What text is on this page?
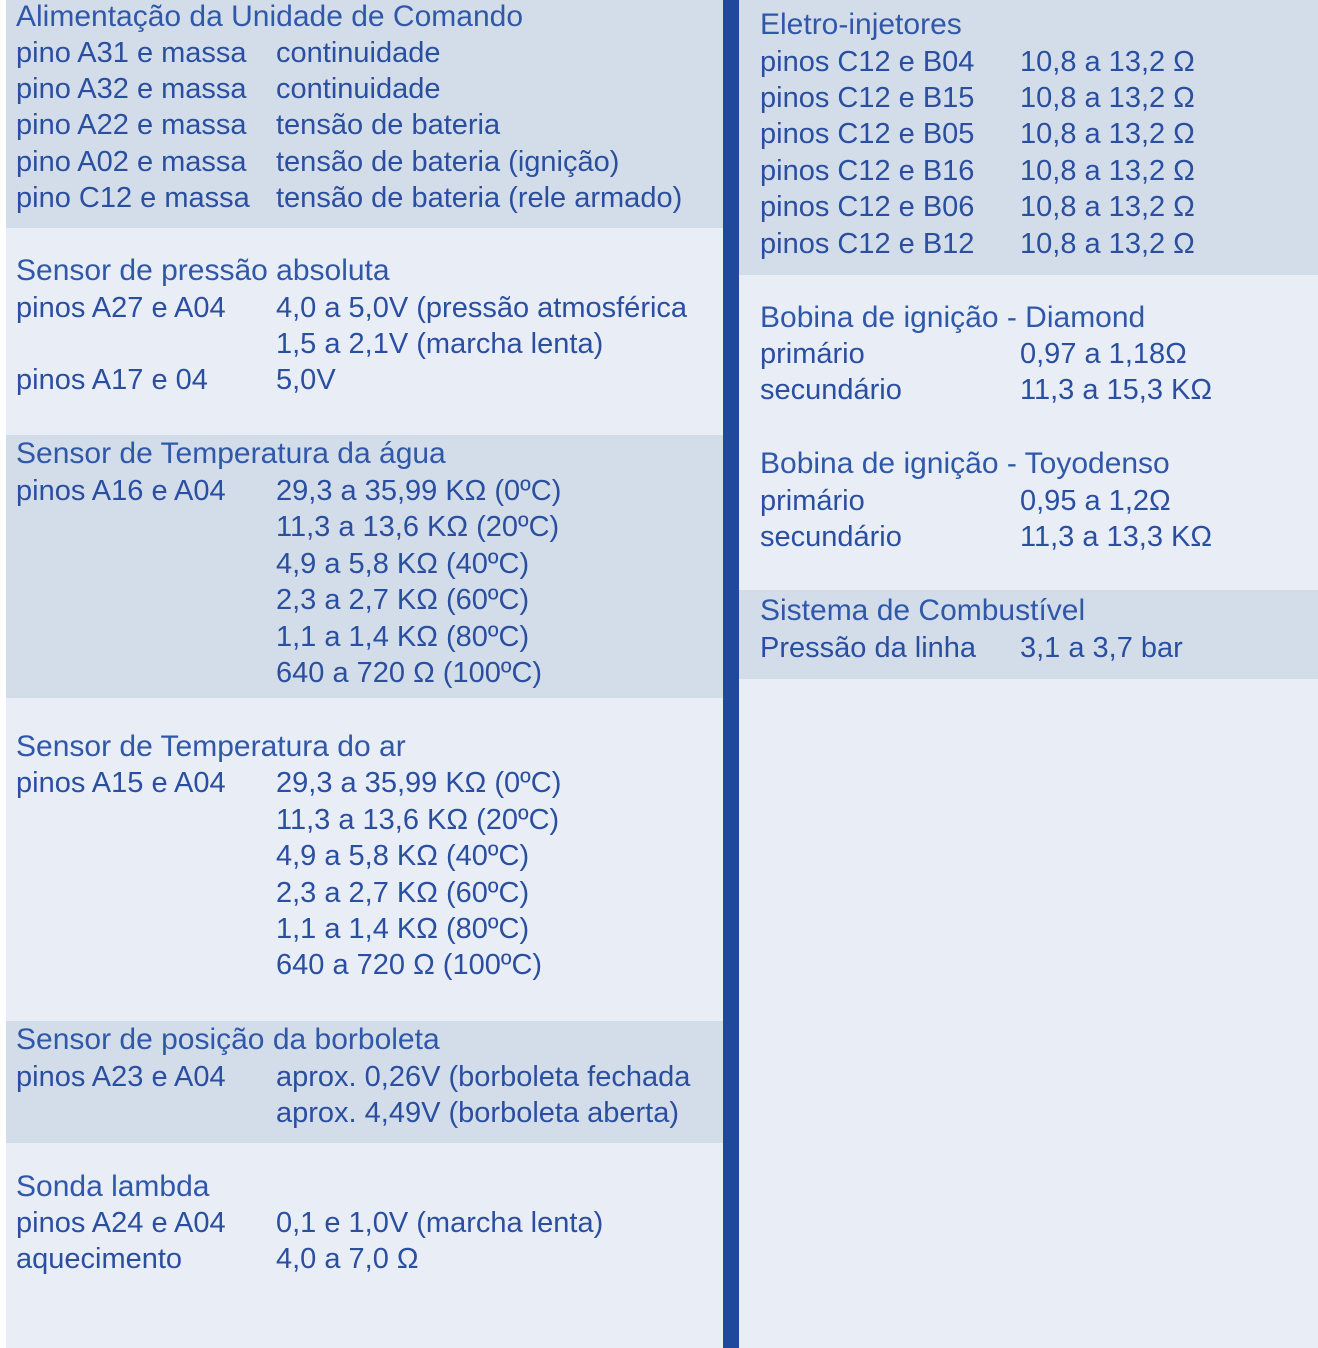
Alimentação da Unidade de Comando
pino A31 e massa continuidade
pino A32 e massa continuidade
pino A22 e massa tensão de bateria
pino A02 e massa tensão de bateria (ignição)
pino C12 e massa tensão de bateria (rele armado)
Sensor de pressão absoluta
pinos A27 e A04 4,0 a 5,0V (pressão atmosférica
1,5 a 2,1V (marcha lenta)
pinos A17 e 04 5,0V
Sensor de Temperatura da água
pinos A16 e A04 29,3 a 35,99 KΩ (0ºC)
11,3 a 13,6 KΩ (20ºC)
4,9 a 5,8 KΩ (40ºC)
2,3 a 2,7 KΩ (60ºC)
1,1 a 1,4 KΩ (80ºC)
640 a 720 Ω (100ºC)
Sensor de Temperatura do ar
pinos A15 e A04 29,3 a 35,99 KΩ (0ºC)
11,3 a 13,6 KΩ (20ºC)
4,9 a 5,8 KΩ (40ºC)
2,3 a 2,7 KΩ (60ºC)
1,1 a 1,4 KΩ (80ºC)
640 a 720 Ω (100ºC)
Sensor de posição da borboleta
pinos A23 e A04 aprox. 0,26V (borboleta fechada
aprox. 4,49V (borboleta aberta)
Sonda lambda
pinos A24 e A04 0,1 e 1,0V (marcha lenta)
aquecimento	4,0 a 7,0 Ω
Eletro-injetores
pinos C12 e B04 10,8 a 13,2 Ω
pinos C12 e B15 10,8 a 13,2 Ω
pinos C12 e B05 10,8 a 13,2 Ω
pinos C12 e B16 10,8 a 13,2 Ω
pinos C12 e B06 10,8 a 13,2 Ω
pinos C12 e B12 10,8 a 13,2 Ω
Bobina de ignição - Diamond
primário	0,97 a 1,18Ω
secundário	11,3 a 15,3 KΩ
Bobina de ignição - Toyodenso
primário	0,95 a 1,2Ω
secundário	11,3 a 13,3 KΩ
Sistema de Combustível
Pressão da linha 3,1 a 3,7 bar
